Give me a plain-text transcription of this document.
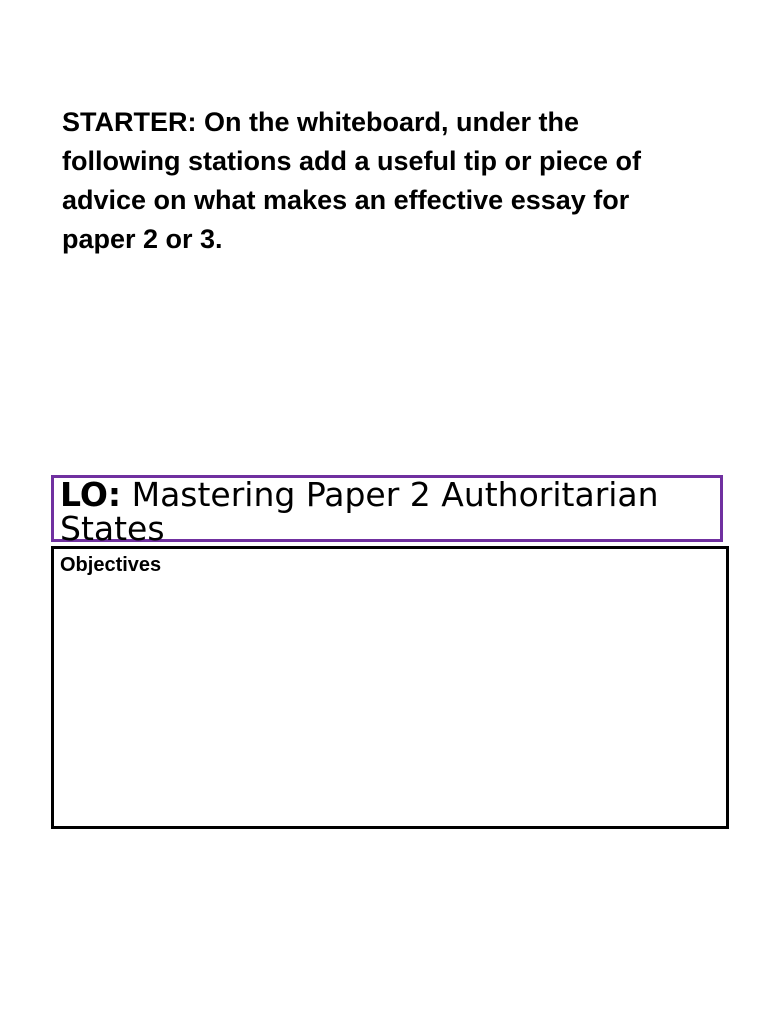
STARTER: On the whiteboard, under the following stations add a useful tip or piece of advice on what makes an effective essay for paper 2 or 3.
LO: Mastering Paper 2 Authoritarian States
Objectives
